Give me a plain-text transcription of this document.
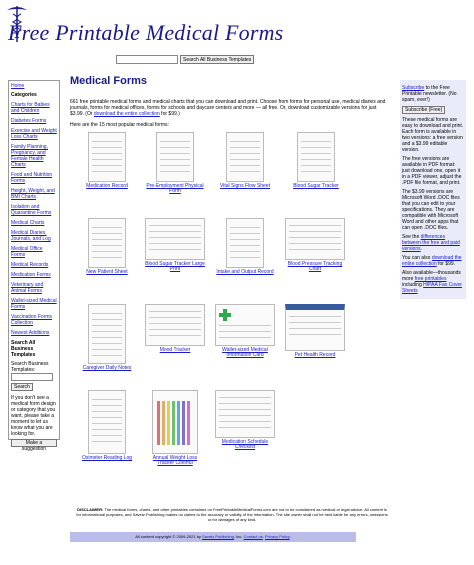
Free Printable Medical Forms
Search All Business Templates
Home
Categories
Charts for Babies and Children
Diabetes Forms
Exercise and Weight Loss Charts
Family Planning, Pregnancy, and Female Health Charts
Food and Nutrition Forms
Height, Weight, and BMI Charts
Isolation and Quarantine Forms
Medical Charts
Medical Diaries, Journals, and Log
Medical Office Forms
Medical Records
Medication Forms
Veterinary and Animal Forms
Wallet-sized Medical Forms
Vaccination Forms Collection
Newest Additions
Search All Business Templates
Search Business Templates:
Search
If you don't see a medical form design or category that you want, please take a moment to let us know what you are looking for.
Make a suggestion
Medical Forms
661 free printable medical forms and medical charts that you can download and print. Choose from forms for personal use, medical diaries and journals, forms for medical offices, forms for schools and daycare centers and more — all free. Or, download customizable versions for just $3.99. (Or download the entire collection for $99.)
Here are the 15 most popular medical forms:
Medication Record	Pre-Employment Physical Form
Vital Signs Flow Sheet	Blood Sugar Tracker
New Patient Sheet
Blood Sugar Tracker Large Print	Intake and Output Record
Blood Pressure Tracking Chart
Caregiver Daily Notes
Mood Tracker	Wallet-sized Medical Information Card	Pet Health Record
Oximeter Reading Log	Annual Weight Loss Tracker Colorful
Medication Schedule Checklist

Subscribe to the Free Printable newsletter. (No spam, ever!)

Subscribe (Free)

These medical forms are easy to download and print. Each form is available in two versions: a free version and a $3.99 editable version.

The free versions are available in PDF format: just download one, open it in a PDF viewer, adjust the .PDF file format, and print.

The $3.99 versions are Microsoft Word .DOC files that you can edit to your specifications. They are compatible with Microsoft Word and other apps that can open .DOC files.

See the differences between the free and paid versions.

You can also download the entire collection for $99.

Also available—thousands more free printables including HIPAA Fax Cover Sheets

DISCLAIMER: The medical forms, charts, and other printables contained on FreePrintableMedicalForms.com are not to be considered as medical or legal advice. All content is for informational purposes, and Savetz Publishing makes no claims to the accuracy or validity of the information. The site owner shall not be held liable for any errors, omissions or for damages of any kind.
All content copyright © 2009-2021 by Savetz Publishing, Inc. Contact us. Privacy Policy.
